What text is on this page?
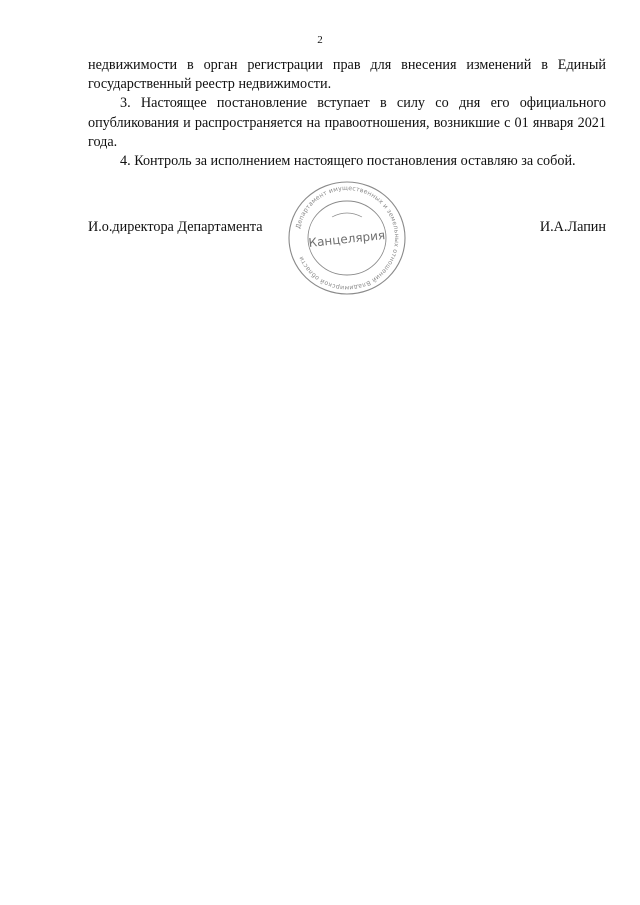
2

недвижимости в орган регистрации прав для внесения изменений в Единый государственный реестр недвижимости.

3. Настоящее постановление вступает в силу со дня его официального опубликования и распространяется на правоотношения, возникшие с 01 января 2021 года.

4. Контроль за исполнением настоящего постановления оставляю за собой.

И.о.директора Департамента	И.А.Лапин
Департамент имущественных и земельных отношений Владимирской области
Канцелярия
